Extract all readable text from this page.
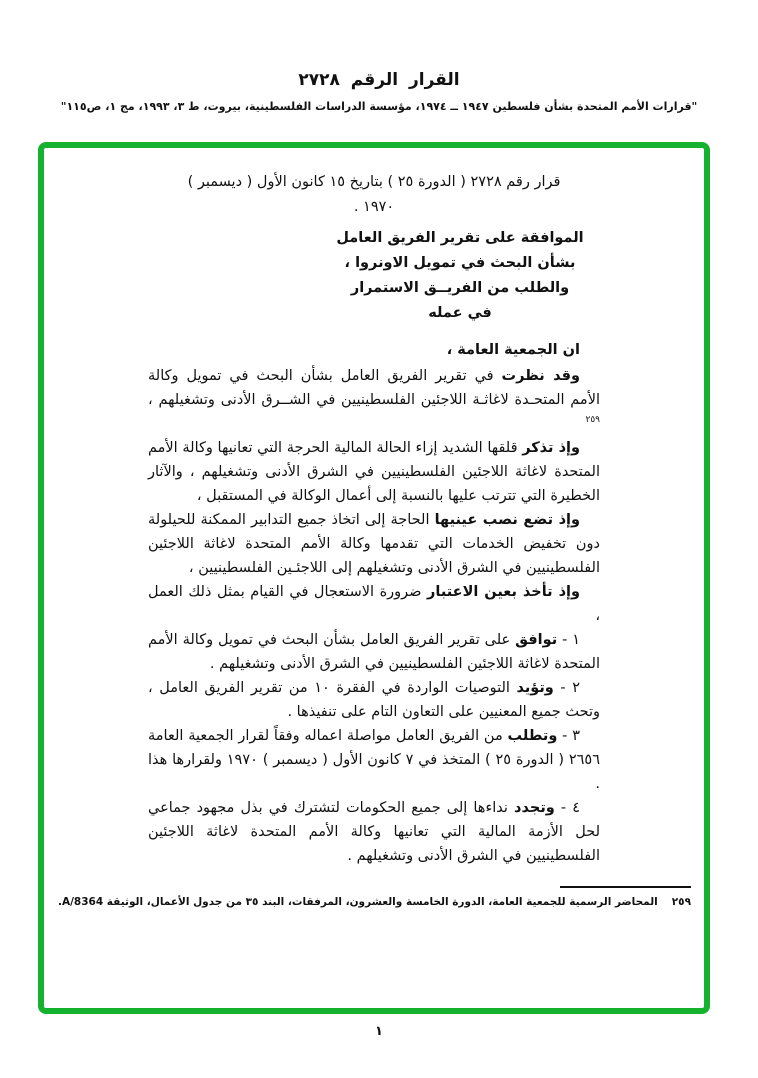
القرار الرقم ٢٧٢٨
"قرارات الأمم المتحدة بشأن فلسطين ١٩٤٧ ــ ١٩٧٤، مؤسسة الدراسات الفلسطينية، بيروت، ط ٣، ١٩٩٣، مج ١، ص١١٥"
قرار رقم ٢٧٢٨ ( الدورة ٢٥ ) بتاريخ ١٥ كانون الأول ( ديسمبر )
١٩٧٠ .
الموافقة على تقرير الفريق العامل
بشأن البحث في تمويل الاونروا ،
والطلب من الفريــق الاستمرار
في عمله

ان الجمعية العامة ،

وقد نظرت في تقرير الفريق العامل بشأن البحث في تمويل وكالة الأمم المتحـدة لاغاثـة اللاجئين الفلسطينيين في الشــرق الأدنى وتشغيلهم ، $^{٢٥٩}$

وإذ تذكر قلقها الشديد إزاء الحالة المالية الحرجة التي تعانيها وكالة الأمم المتحدة لاغاثة اللاجئين الفلسطينيين في الشرق الأدنى وتشغيلهم ، والآثار الخطيرة التي تترتب عليها بالنسبة إلى أعمال الوكالة في المستقبل ،

وإذ تضع نصب عينيها الحاجة إلى اتخاذ جميع التدابير الممكنة للحيلولة دون تخفيض الخدمات التي تقدمها وكالة الأمم المتحدة لاغاثة اللاجئين الفلسطينيين في الشرق الأدنى وتشغيلهم إلى اللاجئـين الفلسطينيين ،

وإذ تأخذ بعين الاعتبار ضرورة الاستعجال في القيام بمثل ذلك العمل ،

١ - توافق على تقرير الفريق العامل بشأن البحث في تمويل وكالة الأمم المتحدة لاغاثة اللاجئين الفلسطينيين في الشرق الأدنى وتشغيلهم .

٢ - وتؤيد التوصيات الواردة في الفقرة ١٠ من تقرير الفريق العامل ، وتحث جميع المعنيين على التعاون التام على تنفيذها .

٣ - وتطلب من الفريق العامل مواصلة اعماله وفقاً لقرار الجمعية العامة ٢٦٥٦ ( الدورة ٢٥ ) المتخذ في ٧ كانون الأول ( ديسمبر ) ١٩٧٠ ولقرارها هذا .

٤ - وتجدد نداءها إلى جميع الحكومات لتشترك في بذل مجهود جماعي لحل الأزمة المالية التي تعانيها وكالة الأمم المتحدة لاغاثة اللاجئين الفلسطينيين في الشرق الأدنى وتشغيلهم .

٢٥٩المحاضر الرسمية للجمعية العامة، الدورة الخامسة والعشرون، المرفقات، البند ٣٥ من جدول الأعمال، الوثيقة A/8364.
١
